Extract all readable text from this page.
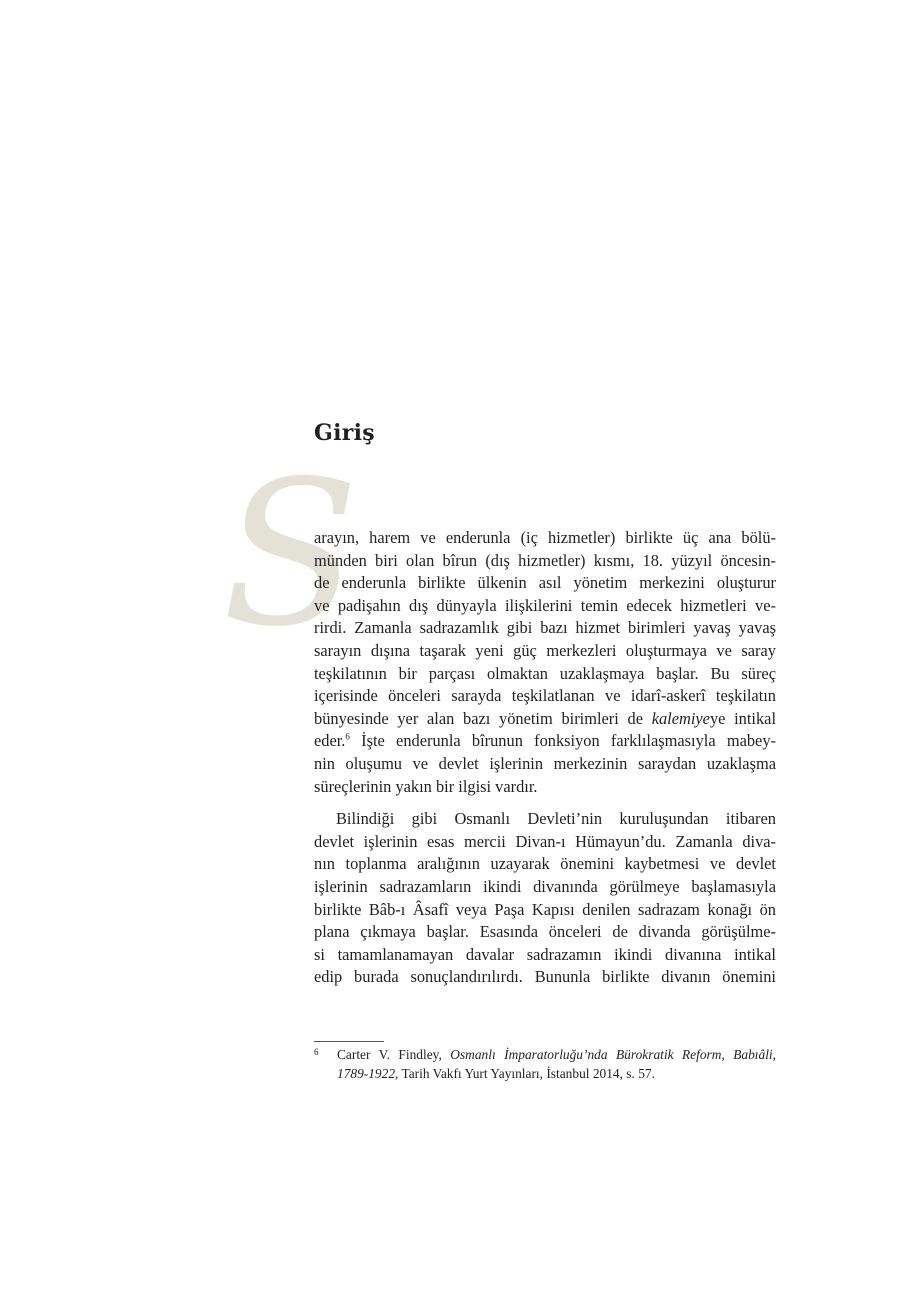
Giriş
S
arayın, harem ve enderunla (iç hizmetler) birlikte üç ana bölü-
münden biri olan bîrun (dış hizmetler) kısmı, 18. yüzyıl öncesin-
de enderunla birlikte ülkenin asıl yönetim merkezini oluşturur
ve padişahın dış dünyayla ilişkilerini temin edecek hizmetleri ve-
rirdi. Zamanla sadrazamlık gibi bazı hizmet birimleri yavaş yavaş
sarayın dışına taşarak yeni güç merkezleri oluşturmaya ve saray
teşkilatının bir parçası olmaktan uzaklaşmaya başlar. Bu süreç
içerisinde önceleri sarayda teşkilatlanan ve idarî-askerî teşkilatın
bünyesinde yer alan bazı yönetim birimleri de kalemiyeye intikal
eder.$^6$ İşte enderunla bîrunun fonksiyon farklılaşmasıyla mabey-
nin oluşumu ve devlet işlerinin merkezinin saraydan uzaklaşma
süreçlerinin yakın bir ilgisi vardır.
Bilindiği gibi Osmanlı Devleti’nin kuruluşundan itibaren
devlet işlerinin esas mercii Divan-ı Hümayun’du. Zamanla diva-
nın toplanma aralığının uzayarak önemini kaybetmesi ve devlet
işlerinin sadrazamların ikindi divanında görülmeye başlamasıyla
birlikte Bâb-ı Âsafî veya Paşa Kapısı denilen sadrazam konağı ön
plana çıkmaya başlar. Esasında önceleri de divanda görüşülme-
si tamamlanamayan davalar sadrazamın ikindi divanına intikal
edip burada sonuçlandırılırdı. Bununla birlikte divanın önemini
6	Carter V. Findley, Osmanlı İmparatorluğu’nda Bürokratik Reform, Babıâli,
1789-1922, Tarih Vakfı Yurt Yayınları, İstanbul 2014, s. 57.
